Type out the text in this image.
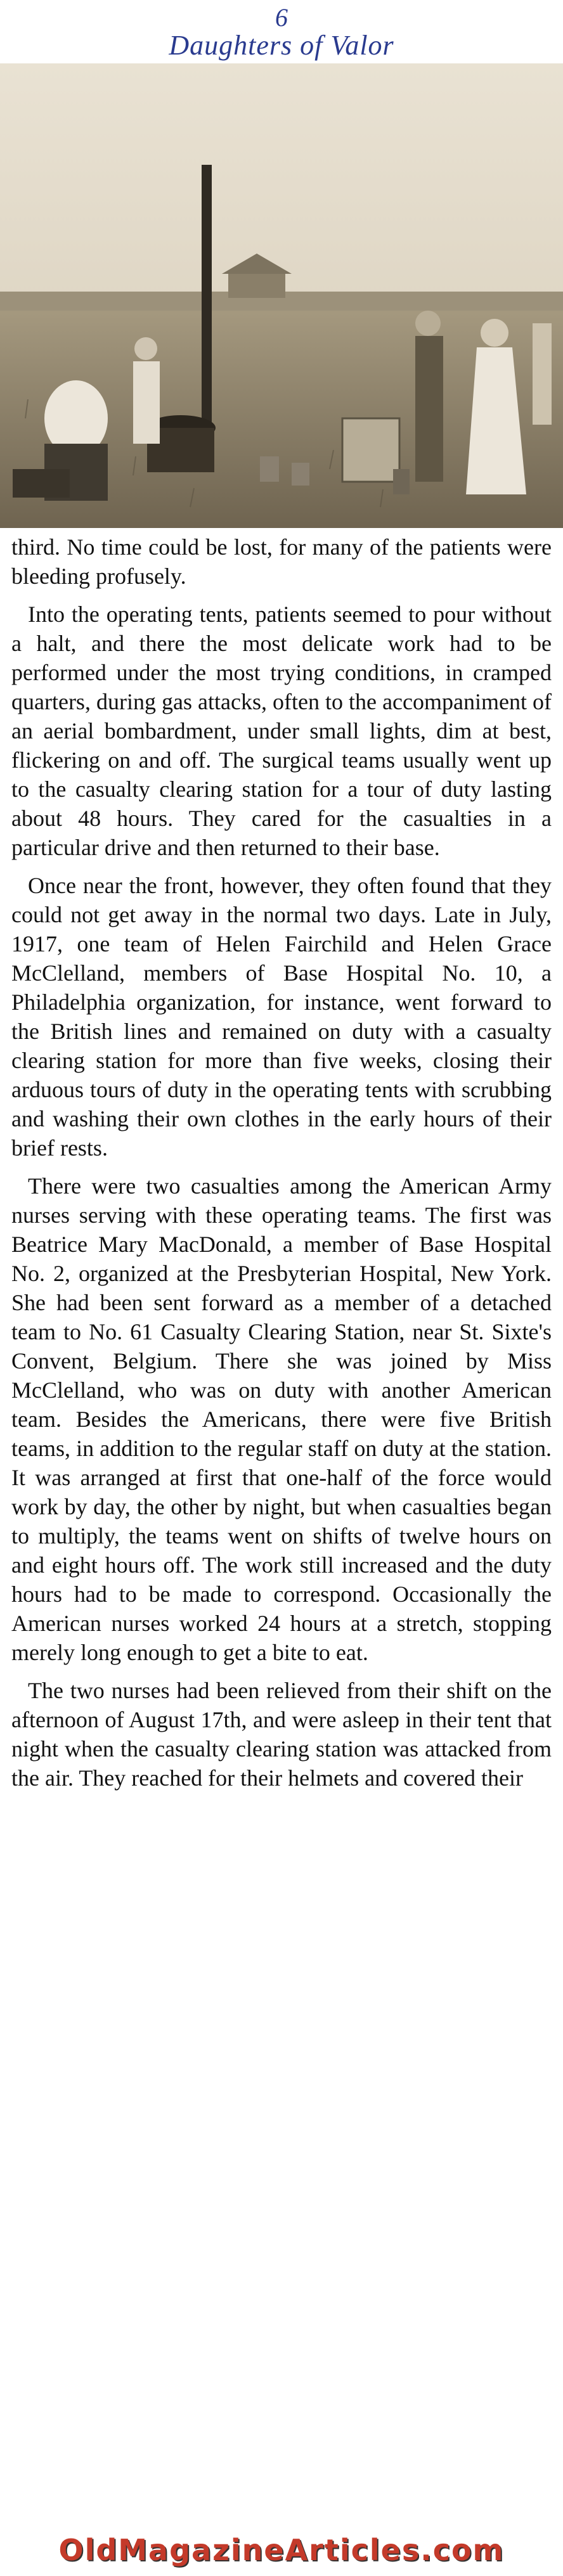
6
Daughters of Valor

third. No time could be lost, for many of the patients were bleeding profusely.

Into the operating tents, patients seemed to pour without a halt, and there the most delicate work had to be performed under the most trying conditions, in cramped quarters, during gas attacks, often to the accompaniment of an aerial bombardment, under small lights, dim at best, flickering on and off. The surgical teams usually went up to the casualty clearing station for a tour of duty lasting about 48 hours. They cared for the casualties in a particular drive and then returned to their base.

Once near the front, however, they often found that they could not get away in the normal two days. Late in July, 1917, one team of Helen Fairchild and Helen Grace McClelland, members of Base Hospital No. 10, a Philadelphia organization, for instance, went forward to the British lines and remained on duty with a casualty clearing station for more than five weeks, closing their arduous tours of duty in the operating tents with scrubbing and washing their own clothes in the early hours of their brief rests.

There were two casualties among the American Army nurses serving with these operating teams. The first was Beatrice Mary MacDonald, a member of Base Hospital No. 2, organized at the Presbyterian Hospital, New York. She had been sent forward as a member of a detached team to No. 61 Casualty Clearing Station, near St. Sixte's Convent, Belgium. There she was joined by Miss McClelland, who was on duty with another American team. Besides the Americans, there were five British teams, in addition to the regular staff on duty at the station. It was arranged at first that one-half of the force would work by day, the other by night, but when casualties began to multiply, the teams went on shifts of twelve hours on and eight hours off. The work still increased and the duty hours had to be made to correspond. Occasionally the American nurses worked 24 hours at a stretch, stopping merely long enough to get a bite to eat.

The two nurses had been relieved from their shift on the afternoon of August 17th, and were asleep in their tent that night when the casualty clearing station was attacked from the air. They reached for their helmets and covered their

OldMagazineArticles.com
